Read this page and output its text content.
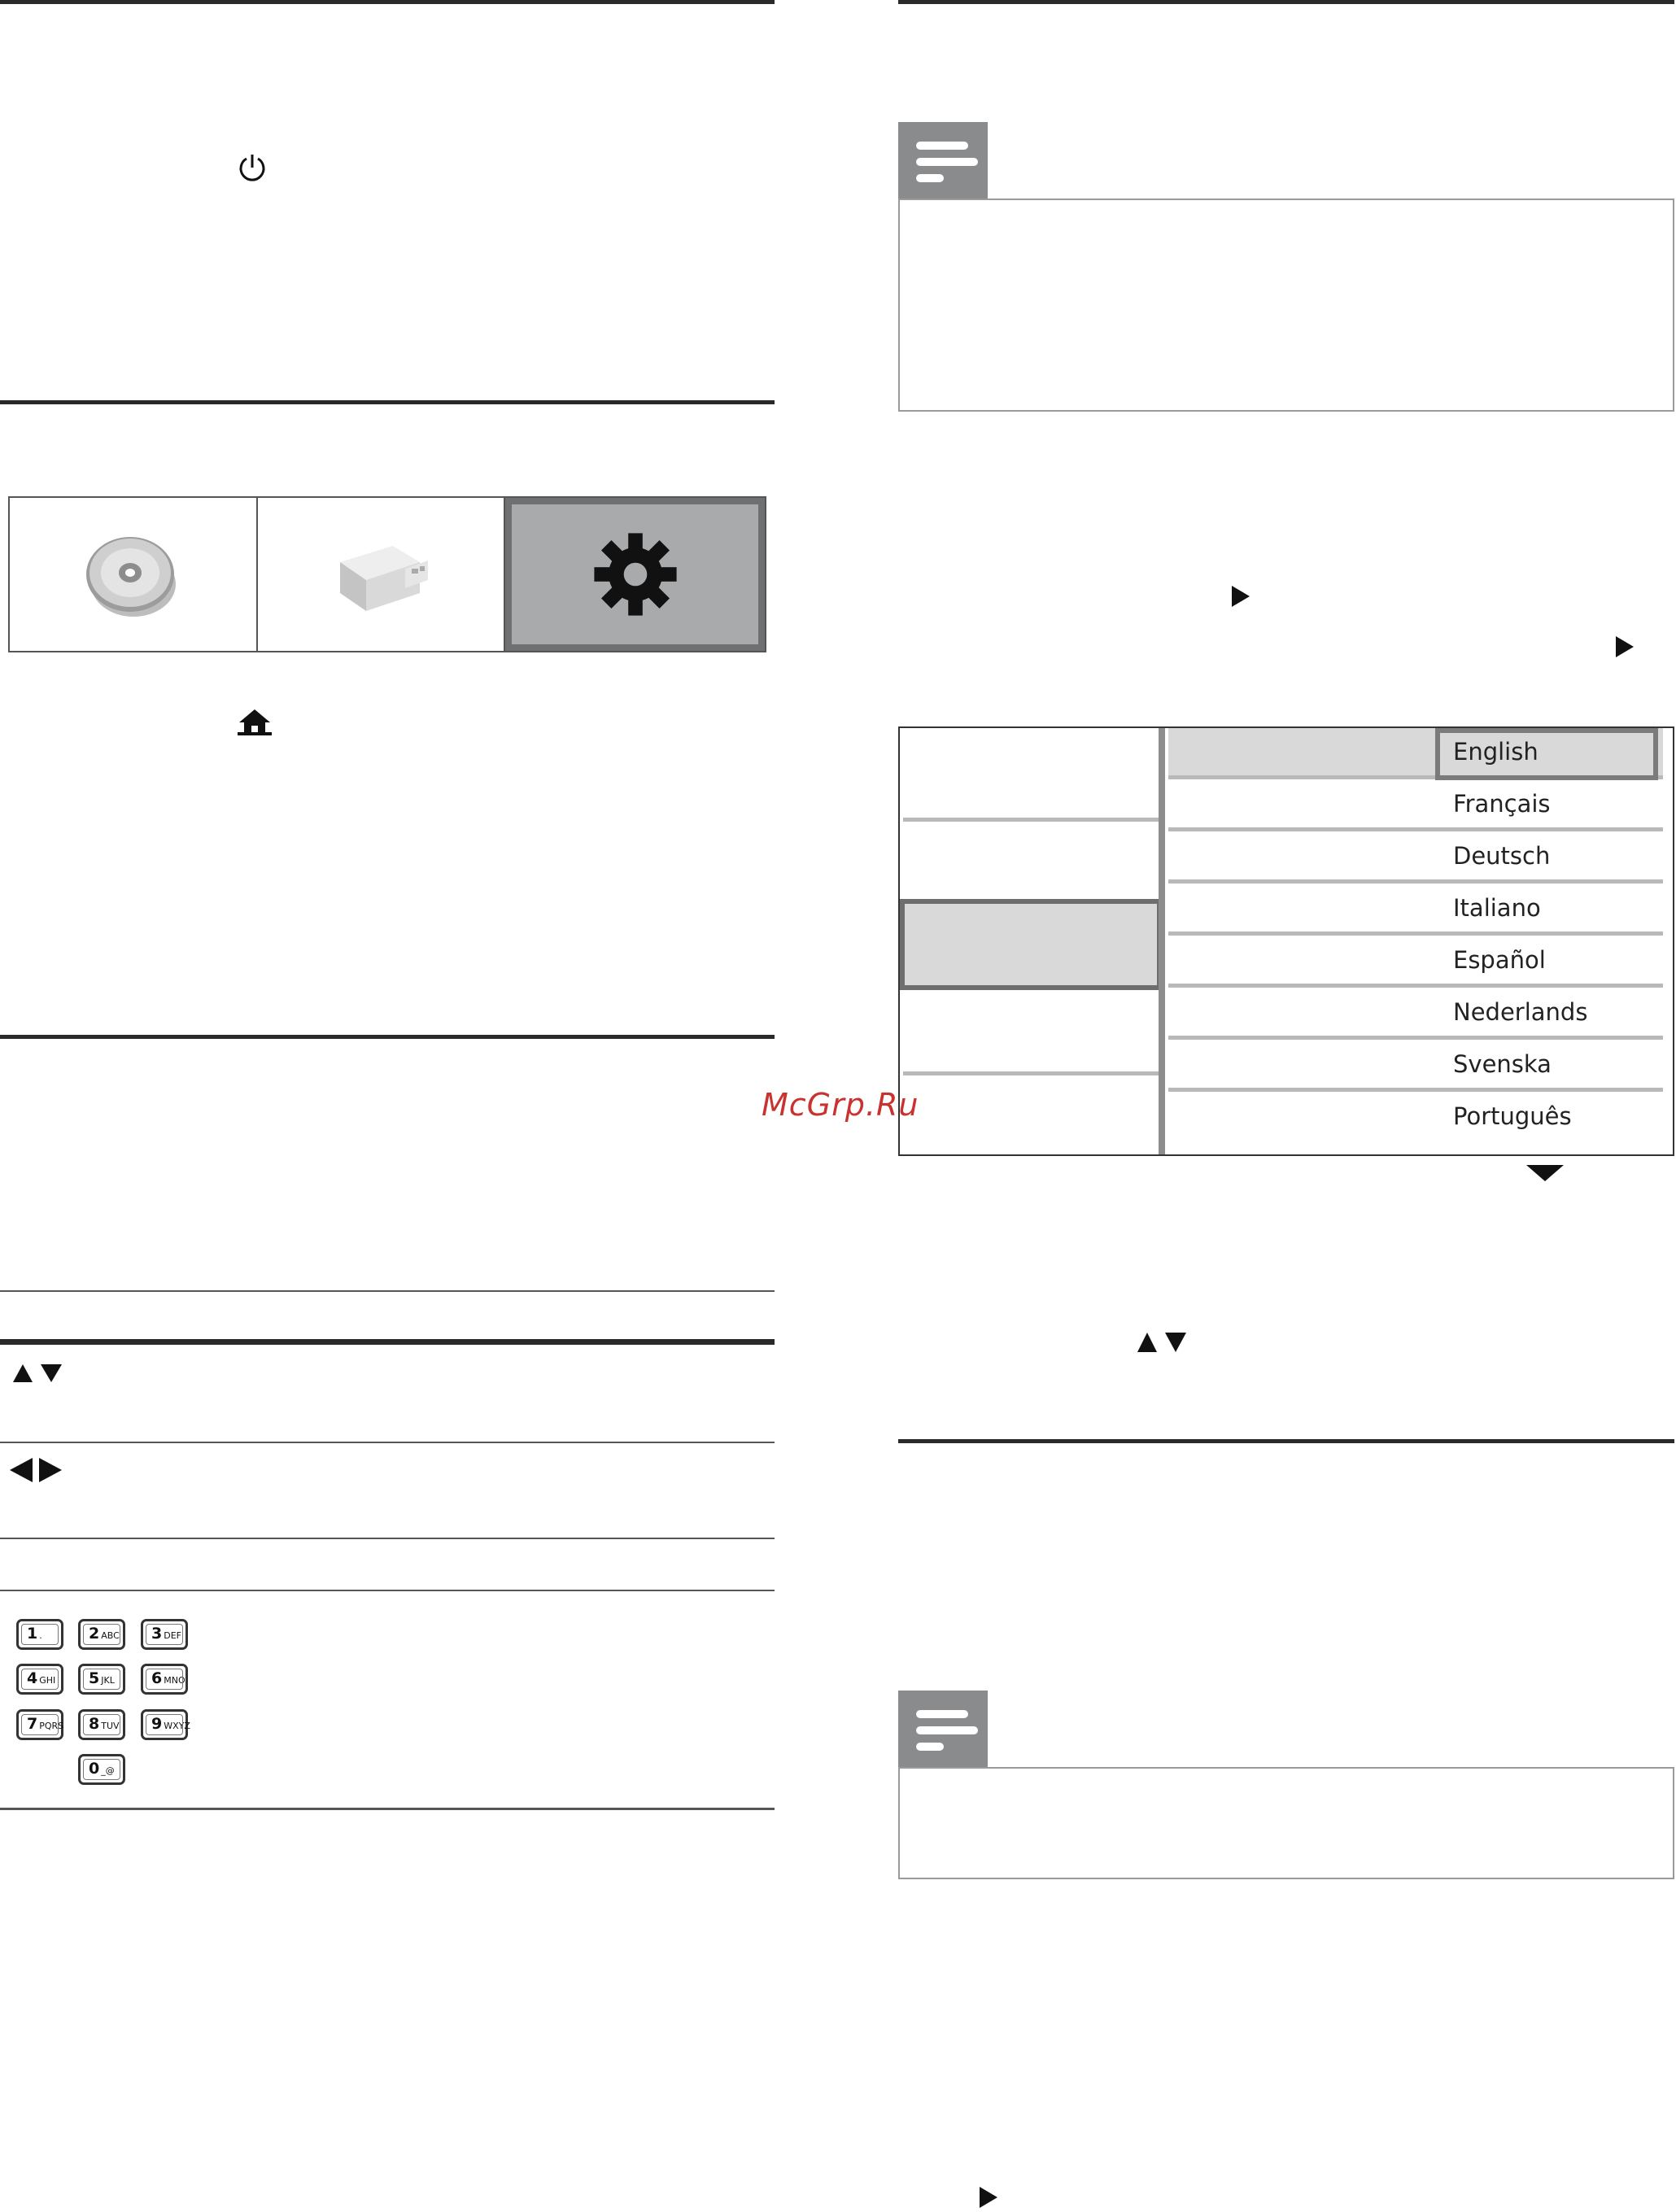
1 .	2 ABC	3 DEF
4 GHI	5 JKL	6 MNO
7 PQRS	8 TUV	9 WXYZ
0 _@
English
Français
Deutsch
Italiano
Español
Nederlands
Svenska
Português
McGrp.Ru
